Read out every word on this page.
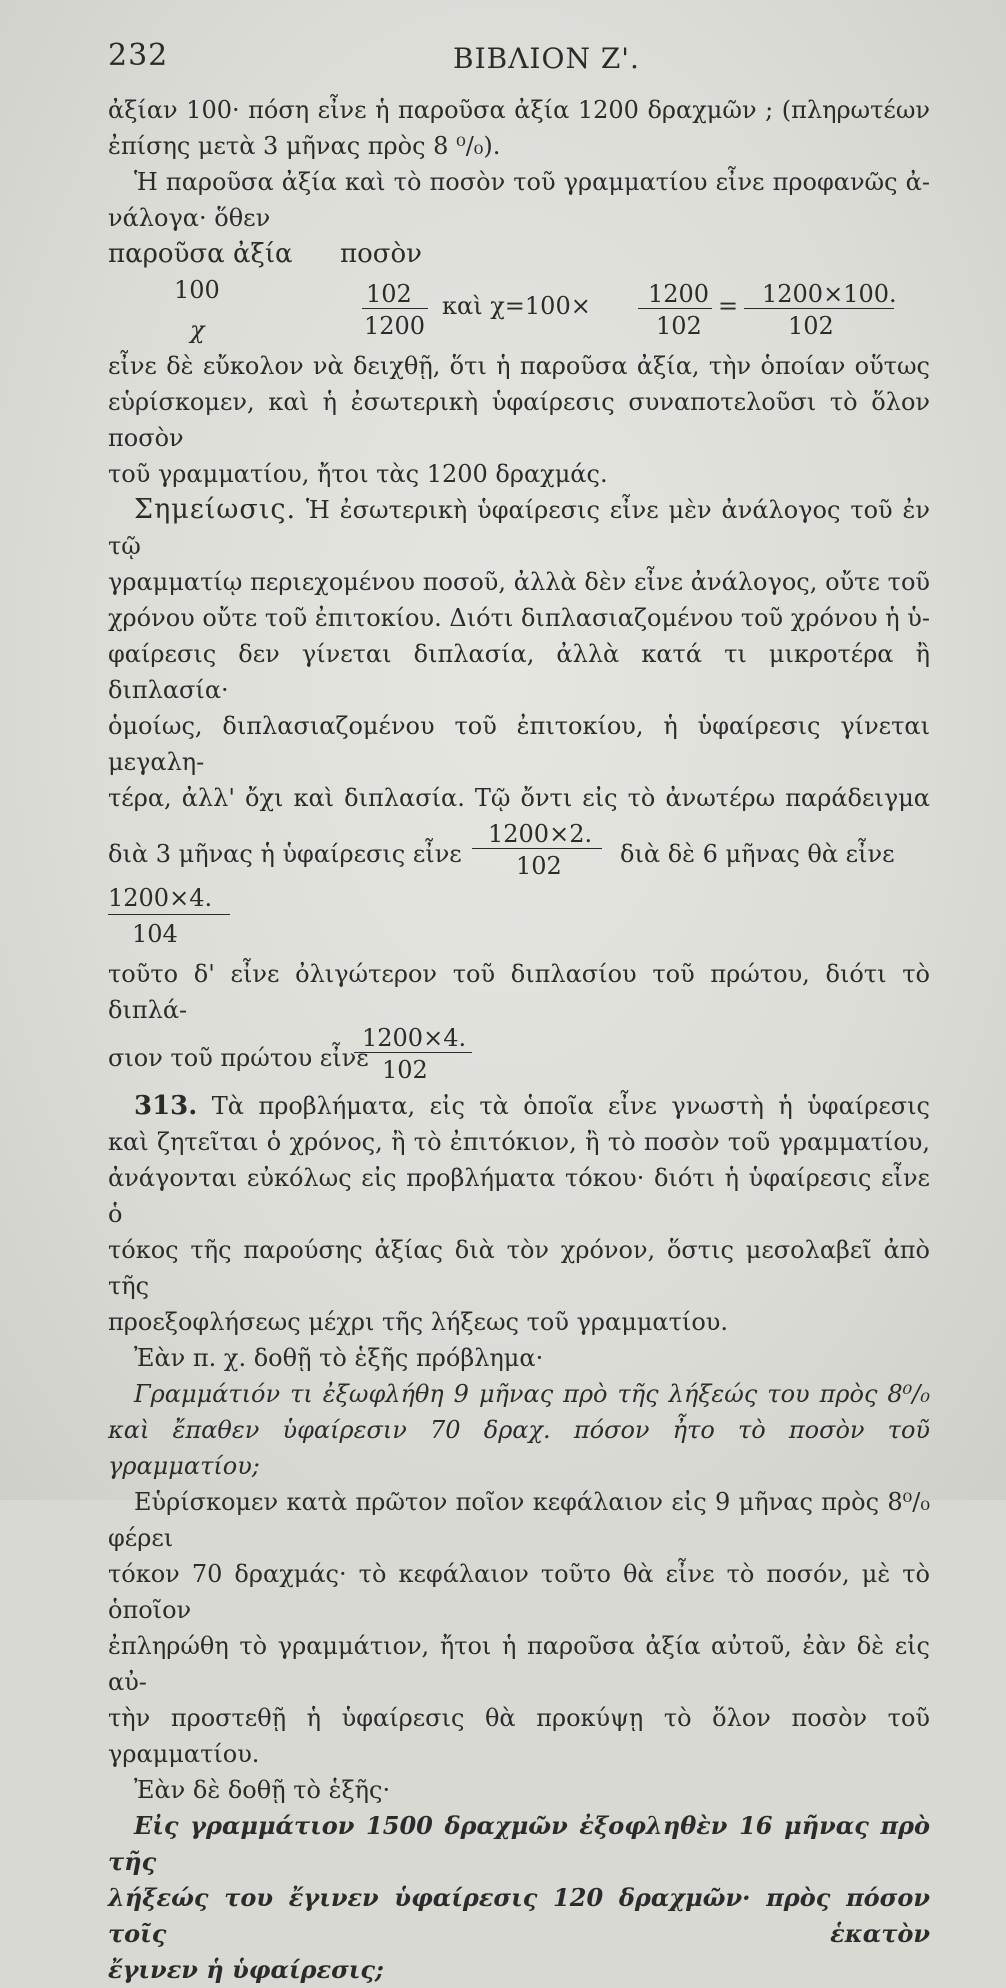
232	ΒΙΒΛΙΟΝ Ζ'.

ἀξίαν 100· πόση εἶνε ἡ παροῦσα ἀξία 1200 δραχμῶν ; (πληρωτέων

ἐπίσης μετὰ 3 μῆνας πρὸς 8 ⁰/₀).

Ἡ παροῦσα ἀξία καὶ τὸ ποσὸν τοῦ γραμματίου εἶνε προφανῶς ἀ-

νάλογα· ὅθεν

παροῦσα ἀξία ποσὸν
100
χ
102
1200
καὶ χ=100× 1200
102
= 1200×100.
102

εἶνε δὲ εὔκολον νὰ δειχθῇ, ὅτι ἡ παροῦσα ἀξία, τὴν ὁποίαν οὕτως

εὑρίσκομεν, καὶ ἡ ἐσωτερικὴ ὑφαίρεσις συναποτελοῦσι τὸ ὅλον ποσὸν

τοῦ γραμματίου, ἤτοι τὰς 1200 δραχμάς.

Σημείωσις. Ἡ ἐσωτερικὴ ὑφαίρεσις εἶνε μὲν ἀνάλογος τοῦ ἐν τῷ

γραμματίῳ περιεχομένου ποσοῦ, ἀλλὰ δὲν εἶνε ἀνάλογος, οὔτε τοῦ

χρόνου οὔτε τοῦ ἐπιτοκίου. Διότι διπλασιαζομένου τοῦ χρόνου ἡ ὑ-

φαίρεσις δεν γίνεται διπλασία, ἀλλὰ κατά τι μικροτέρα ἢ διπλασία·

ὁμοίως, διπλασιαζομένου τοῦ ἐπιτοκίου, ἡ ὑφαίρεσις γίνεται μεγαλη-

τέρα, ἀλλ' ὄχι καὶ διπλασία. Τῷ ὄντι εἰς τὸ ἀνωτέρω παράδειγμα

διὰ 3 μῆνας ἡ ὑφαίρεσις εἶνε
1200×2.
102 διὰ δὲ 6 μῆνας θὰ εἶνε
1200×4.
104

τοῦτο δ' εἶνε ὀλιγώτερον τοῦ διπλασίου τοῦ πρώτου, διότι τὸ διπλά-

σιον τοῦ πρώτου εἶνε
1200×4.
102

313. Τὰ προβλήματα, εἰς τὰ ὁποῖα εἶνε γνωστὴ ἡ ὑφαίρεσις

καὶ ζητεῖται ὁ χρόνος, ἢ τὸ ἐπιτόκιον, ἢ τὸ ποσὸν τοῦ γραμματίου,

ἀνάγονται εὐκόλως εἰς προβλήματα τόκου· διότι ἡ ὑφαίρεσις εἶνε ὁ

τόκος τῆς παρούσης ἀξίας διὰ τὸν χρόνον, ὅστις μεσολαβεῖ ἀπὸ τῆς

προεξοφλήσεως μέχρι τῆς λήξεως τοῦ γραμματίου.

Ἐὰν π. χ. δοθῇ τὸ ἑξῆς πρόβλημα·

Γραμμάτιόν τι ἐξωφλήθη 9 μῆνας πρὸ τῆς λήξεώς του πρὸς 8⁰/₀

καὶ ἔπαθεν ὑφαίρεσιν 70 δραχ. πόσον ἦτο τὸ ποσὸν τοῦ γραμματίου;

Εὑρίσκομεν κατὰ πρῶτον ποῖον κεφάλαιον εἰς 9 μῆνας πρὸς 8⁰/₀ φέρει

τόκον 70 δραχμάς· τὸ κεφάλαιον τοῦτο θὰ εἶνε τὸ ποσόν, μὲ τὸ ὁποῖον

ἐπληρώθη τὸ γραμμάτιον, ἤτοι ἡ παροῦσα ἀξία αὐτοῦ, ἐὰν δὲ εἰς αὐ-

τὴν προστεθῇ ἡ ὑφαίρεσις θὰ προκύψῃ τὸ ὅλον ποσὸν τοῦ γραμματίου.

Ἐὰν δὲ δοθῇ τὸ ἑξῆς·

Εἰς γραμμάτιον 1500 δραχμῶν ἐξοφληθὲν 16 μῆνας πρὸ τῆς

λήξεώς του ἔγινεν ὑφαίρεσις 120 δραχμῶν· πρὸς πόσον τοῖς ἑκατὸν

ἔγινεν ἡ ὑφαίρεσις;
